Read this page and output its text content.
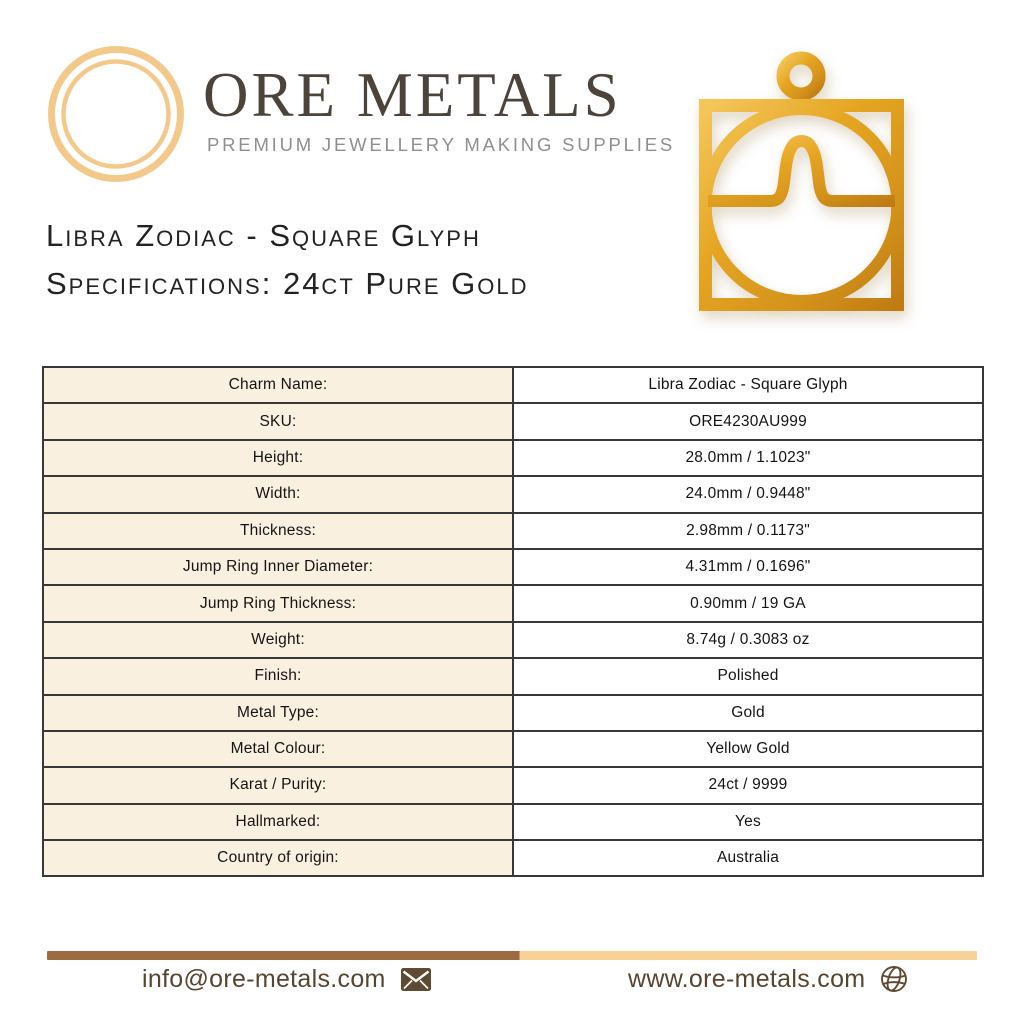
ORE METALS
PREMIUM JEWELLERY MAKING SUPPLIES
Libra Zodiac - Square Glyph
Specifications: 24ct Pure Gold
Charm Name:	Libra Zodiac - Square Glyph
SKU:	ORE4230AU999
Height:	28.0mm / 1.1023"
Width:	24.0mm / 0.9448"
Thickness:	2.98mm / 0.1173"
Jump Ring Inner Diameter:	4.31mm / 0.1696"
Jump Ring Thickness:	0.90mm / 19 GA
Weight:	8.74g / 0.3083 oz
Finish:	Polished
Metal Type:	Gold
Metal Colour:	Yellow Gold
Karat / Purity:	24ct / 9999
Hallmarked:	Yes
Country of origin:	Australia
info@ore-metals.com	www.ore-metals.com
